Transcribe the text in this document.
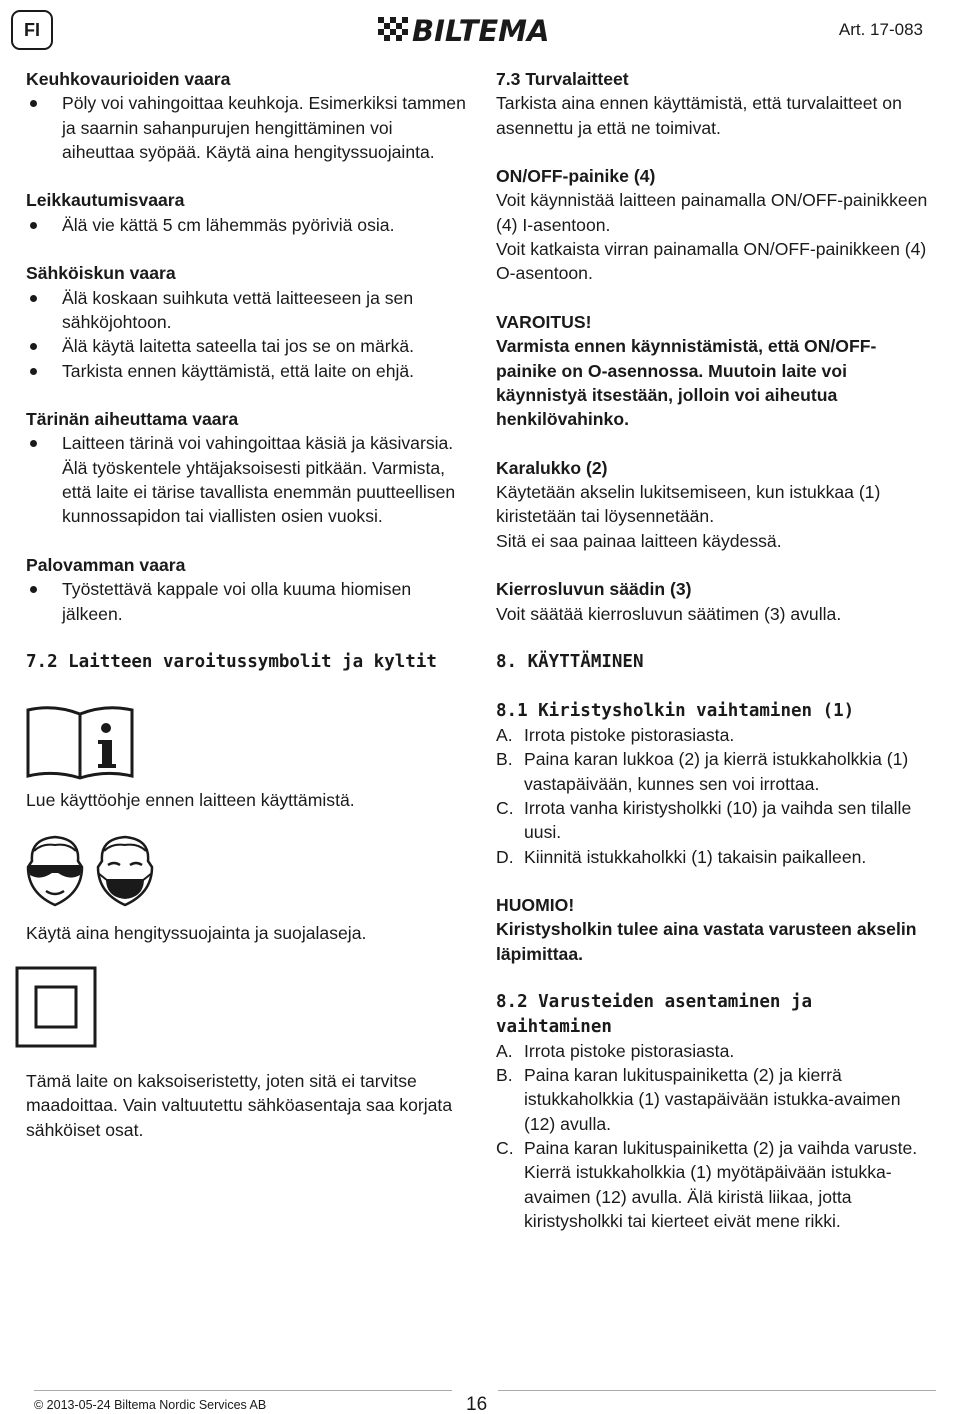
FI	BILTEMA	Art. 17-083
Keuhkovaurioiden vaara
Pöly voi vahingoittaa keuhkoja. Esimerkiksi tammen ja saarnin sahanpurujen hengittäminen voi aiheuttaa syöpää. Käytä aina hengityssuojainta.
Leikkautumisvaara
Älä vie kättä 5 cm lähemmäs pyöriviä osia.
Sähköiskun vaara
Älä koskaan suihkuta vettä laitteeseen ja sen sähköjohtoon.
Älä käytä laitetta sateella tai jos se on märkä.
Tarkista ennen käyttämistä, että laite on ehjä.
Tärinän aiheuttama vaara
Laitteen tärinä voi vahingoittaa käsiä ja käsivarsia. Älä työskentele yhtäjaksoisesti pitkään. Varmista, että laite ei tärise tavallista enemmän puutteellisen kunnossapidon tai viallisten osien vuoksi.
Palovamman vaara
Työstettävä kappale voi olla kuuma hiomisen jälkeen.
7.2 Laitteen varoitussymbolit ja kyltit
Lue käyttöohje ennen laitteen käyttämistä.
Käytä aina hengityssuojainta ja suojalaseja.
Tämä laite on kaksoiseristetty, joten sitä ei tarvitse maadoittaa. Vain valtuutettu sähköasentaja saa korjata sähköiset osat.
7.3 Turvalaitteet
Tarkista aina ennen käyttämistä, että turvalaitteet on asennettu ja että ne toimivat.
ON/OFF-painike (4)
Voit käynnistää laitteen painamalla ON/OFF-painikkeen (4) I-asentoon.
Voit katkaista virran painamalla ON/OFF-painikkeen (4) O-asentoon.
VAROITUS!
Varmista ennen käynnistämistä, että ON/OFF-painike on O-asennossa. Muutoin laite voi käynnistyä itsestään, jolloin voi aiheutua henkilövahinko.
Karalukko (2)
Käytetään akselin lukitsemiseen, kun istukkaa (1) kiristetään tai löysennetään.
Sitä ei saa painaa laitteen käydessä.
Kierrosluvun säädin (3)
Voit säätää kierrosluvun säätimen (3) avulla.
8. KÄYTTÄMINEN
8.1 Kiristysholkin vaihtaminen (1)
A. Irrota pistoke pistorasiasta.
B. Paina karan lukkoa (2) ja kierrä istukkaholkkia (1) vastapäivään, kunnes sen voi irrottaa.
C. Irrota vanha kiristysholkki (10) ja vaihda sen tilalle uusi.
D. Kiinnitä istukkaholkki (1) takaisin paikalleen.
HUOMIO!
Kiristysholkin tulee aina vastata varusteen akselin läpimittaa.
8.2 Varusteiden asentaminen ja vaihtaminen
A. Irrota pistoke pistorasiasta.
B. Paina karan lukituspainiketta (2) ja kierrä istukkaholkkia (1) vastapäivään istukka-avaimen (12) avulla.
C. Paina karan lukituspainiketta (2) ja vaihda varuste. Kierrä istukkaholkkia (1) myötäpäivään istukka-avaimen (12) avulla. Älä kiristä liikaa, jotta kiristysholkki tai kierteet eivät mene rikki.
© 2013-05-24 Biltema Nordic Services AB	16
